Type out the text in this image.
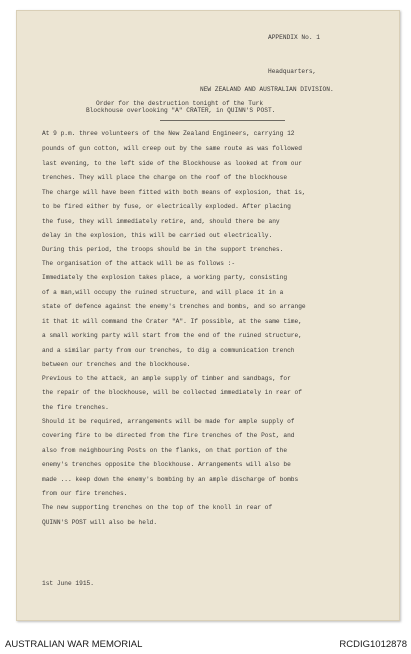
APPENDIX No. 1
Headquarters,
NEW ZEALAND AND AUSTRALIAN DIVISION.
Order for the destruction tonight of the Turk
Blockhouse overlooking "A" CRATER, in QUINN'S POST.
At 9 p.m. three volunteers of the New Zealand Engineers, carrying 12
pounds of gun cotton, will creep out by the same route as was followed
last evening, to the left side of the Blockhouse as looked at from our
trenches. They will place the charge on the roof of the blockhouse
The charge will have been fitted with both means of explosion, that is,
to be fired either by fuse, or electrically exploded. After placing
the fuse, they will immediately retire, and, should there be any
delay in the explosion, this will be carried out electrically.
During this period, the troops should be in the support trenches.
The organisation of the attack will be as follows :-
Immediately the explosion takes place, a working party, consisting
of a man,will occupy the ruined structure, and will place it in a
state of defence against the enemy's trenches and bombs, and so arrange
it that it will command the Crater "A". If possible, at the same time,
a small working party will start from the end of the ruined structure,
and a similar party from our trenches, to dig a communication trench
between our trenches and the blockhouse.
Previous to the attack, an ample supply of timber and sandbags, for
the repair of the blockhouse, will be collected immediately in rear of
the fire trenches.
Should it be required, arrangements will be made for ample supply of
covering fire to be directed from the fire trenches of the Post, and
also from neighbouring Posts on the flanks, on that portion of the
enemy's trenches opposite the blockhouse. Arrangements will also be
made ... keep down the enemy's bombing by an ample discharge of bombs
from our fire trenches.
The new supporting trenches on the top of the knoll in rear of
QUINN'S POST will also be held.
1st June 1915.
AUSTRALIAN WAR MEMORIAL	RCDIG1012878
